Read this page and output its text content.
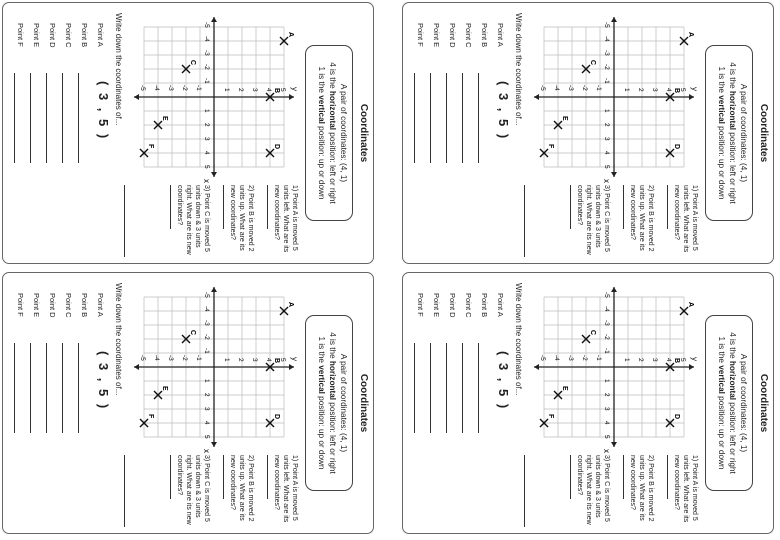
Coordinates
A pair of coordinates: (4, 1)
4 is the horizontal position: left or right
1 is the vertical position: up or down
x
y
1
-1
1
-1
2
-2
2
-2
3
-3
3
-3
4
-4
4
-4
5
-5
5
-5
A
B
C
D
E
F
Write down the coordinates of...
Point A
( 3 , 5 )
Point B
Point C
Point D
Point E
Point F
1) Point A is moved 5 units left. What are its new coordinates?
2) Point B is moved 2 units up. What are its new coordinates?
3) Point C is moved 5 units down & 3 units right. What are its new coordinates?
Coordinates
A pair of coordinates: (4, 1)
4 is the horizontal position: left or right
1 is the vertical position: up or down
x
y
1
-1
1
-1
2
-2
2
-2
3
-3
3
-3
4
-4
4
-4
5
-5
5
-5
A
B
C
D
E
F
Write down the coordinates of...
Point A
( 3 , 5 )
Point B
Point C
Point D
Point E
Point F
1) Point A is moved 5 units left. What are its new coordinates?
2) Point B is moved 2 units up. What are its new coordinates?
3) Point C is moved 5 units down & 3 units right. What are its new coordinates?
Coordinates
A pair of coordinates: (4, 1)
4 is the horizontal position: left or right
1 is the vertical position: up or down
x
y
1
-1
1
-1
2
-2
2
-2
3
-3
3
-3
4
-4
4
-4
5
-5
5
-5
A
B
C
D
E
F
Write down the coordinates of...
Point A
( 3 , 5 )
Point B
Point C
Point D
Point E
Point F
1) Point A is moved 5 units left. What are its new coordinates?
2) Point B is moved 2 units up. What are its new coordinates?
3) Point C is moved 5 units down & 3 units right. What are its new coordinates?
Coordinates
A pair of coordinates: (4, 1)
4 is the horizontal position: left or right
1 is the vertical position: up or down
x
y
1
-1
1
-1
2
-2
2
-2
3
-3
3
-3
4
-4
4
-4
5
-5
5
-5
A
B
C
D
E
F
Write down the coordinates of...
Point A
( 3 , 5 )
Point B
Point C
Point D
Point E
Point F
1) Point A is moved 5 units left. What are its new coordinates?
2) Point B is moved 2 units up. What are its new coordinates?
3) Point C is moved 5 units down & 3 units right. What are its new coordinates?
